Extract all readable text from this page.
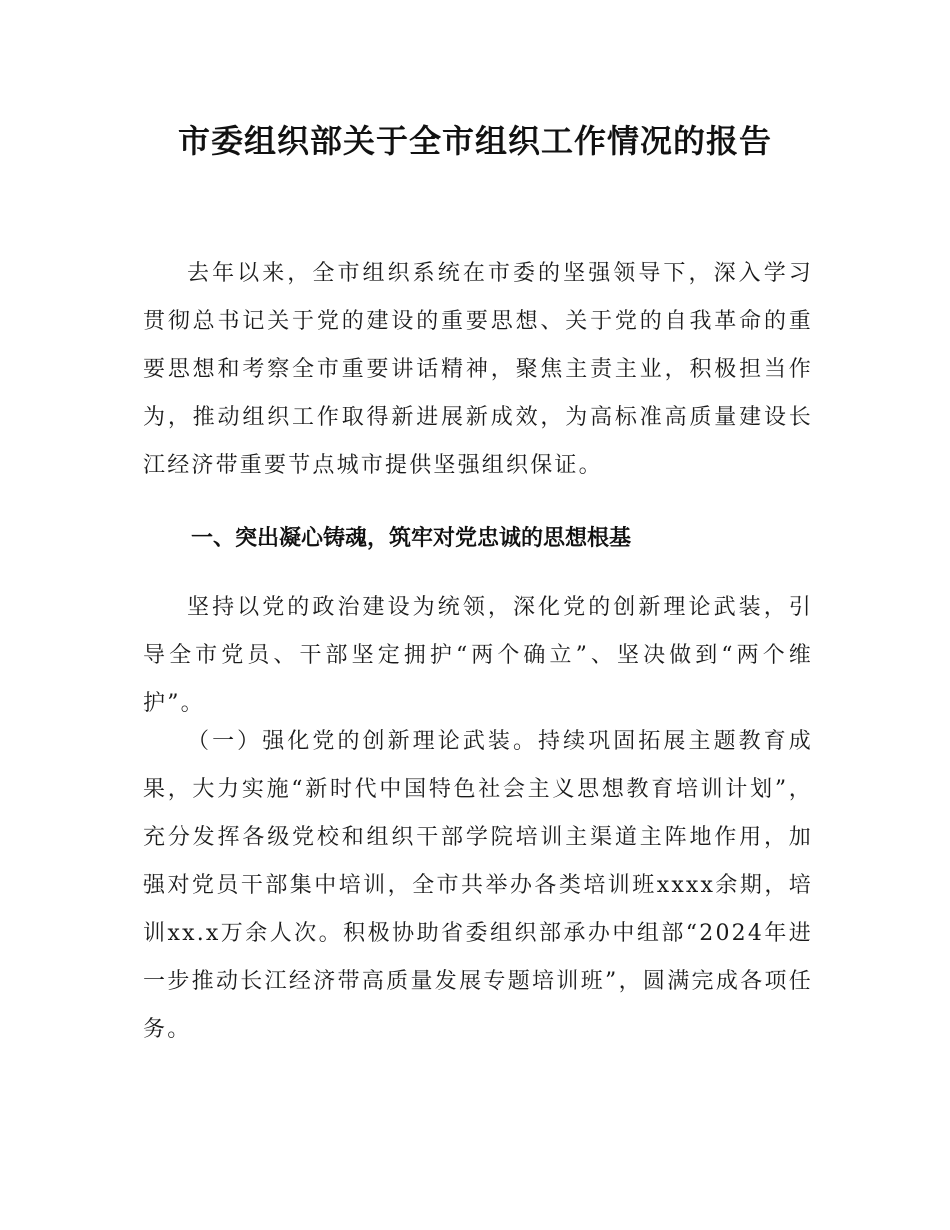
市委组织部关于全市组织工作情况的报告

去年以来，全市组织系统在市委的坚强领导下，深入学习贯彻总书记关于党的建设的重要思想、关于党的自我革命的重要思想和考察全市重要讲话精神，聚焦主责主业，积极担当作为，推动组织工作取得新进展新成效，为高标准高质量建设长江经济带重要节点城市提供坚强组织保证。

一、突出凝心铸魂，筑牢对党忠诚的思想根基

坚持以党的政治建设为统领，深化党的创新理论武装，引导全市党员、干部坚定拥护“两个确立”、坚决做到“两个维护”。

（一）强化党的创新理论武装。持续巩固拓展主题教育成果，大力实施“新时代中国特色社会主义思想教育培训计划”，充分发挥各级党校和组织干部学院培训主渠道主阵地作用，加强对党员干部集中培训，全市共举办各类培训班xxxx余期，培训xx.x万余人次。积极协助省委组织部承办中组部“2024年进一步推动长江经济带高质量发展专题培训班”，圆满完成各项任务。
